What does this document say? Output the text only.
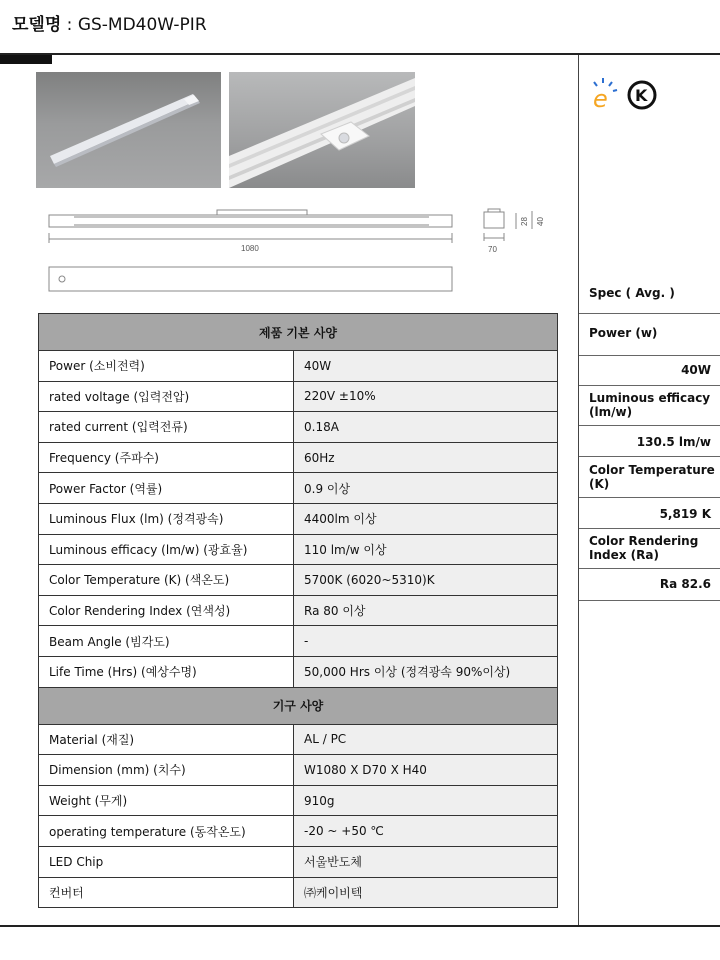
모델명 : GS-MD40W-PIR
1080	70
28 40
제품 기본 사양	
Power (소비전력)	40W
rated voltage (입력전압)	220V ±10%
rated current (입력전류)	0.18A
Frequency (주파수)	60Hz
Power Factor (역률)	0.9 이상
Luminous Flux (lm) (정격광속)	4400lm 이상
Luminous efficacy (lm/w) (광효율)	110 lm/w 이상
Color Temperature (K) (색온도)	5700K (6020~5310)K
Color Rendering Index (연색성)	Ra 80 이상
Beam Angle (빔각도)	-
Life Time (Hrs) (예상수명)	50,000 Hrs 이상 (정격광속 90%이상)
기구 사양	
Material (재질)	AL / PC
Dimension (mm) (치수)	W1080 X D70 X H40
Weight (무게)	910g
operating temperature (동작온도)	-20 ~ +50 ℃
LED Chip	서울반도체
컨버터	㈜케이비텍
e K
Spec ( Avg. )
Power (w)
40W
Luminous efficacy
(lm/w)
130.5 lm/w
Color Temperature
(K)
5,819 K
Color Rendering
Index (Ra)
Ra 82.6
